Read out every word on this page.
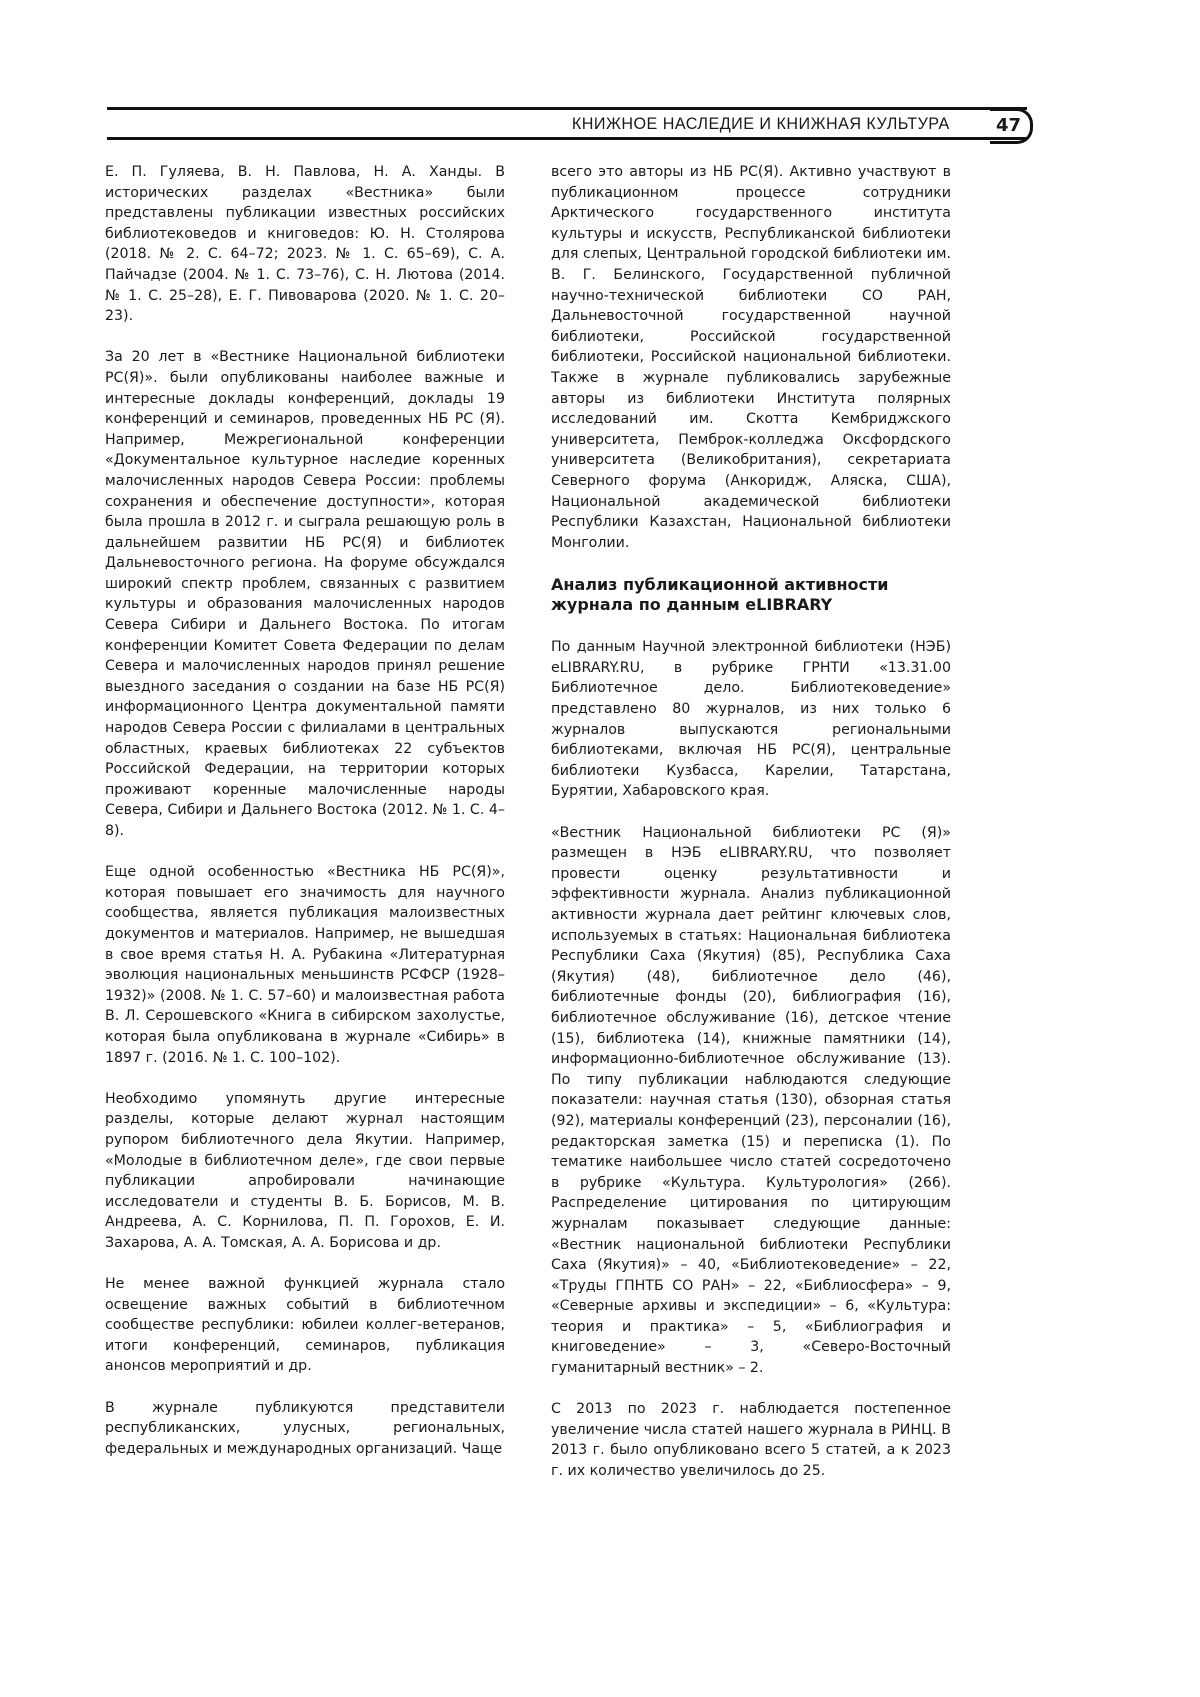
КНИЖНОЕ НАСЛЕДИЕ И КНИЖНАЯ КУЛЬТУРА	47

Е. П. Гуляева, В. Н. Павлова, Н. А. Ханды. В исторических разделах «Вестника» были представлены публикации известных российских библиотековедов и книговедов: Ю. Н. Столярова (2018. № 2. С. 64–72; 2023. № 1. С. 65–69), С. А. Пайчадзе (2004. № 1. С. 73–76), С. Н. Лютова (2014. № 1. С. 25–28), Е. Г. Пивоварова (2020. № 1. С. 20–23).

За 20 лет в «Вестнике Национальной библиотеки РС(Я)». были опубликованы наиболее важные и интересные доклады конференций, доклады 19 конференций и семинаров, проведенных НБ РС (Я). Например, Межрегиональной конференции «Документальное культурное наследие коренных малочисленных народов Севера России: проблемы сохранения и обеспечение доступности», которая была прошла в 2012 г. и сыграла решающую роль в дальнейшем развитии НБ РС(Я) и библиотек Дальневосточного региона. На форуме обсуждался широкий спектр проблем, связанных с развитием культуры и образования малочисленных народов Севера Сибири и Дальнего Востока. По итогам конференции Комитет Совета Федерации по делам Севера и малочисленных народов принял решение выездного заседания о создании на базе НБ РС(Я) информационного Центра документальной памяти народов Севера России с филиалами в центральных областных, краевых библиотеках 22 субъектов Российской Федерации, на территории которых проживают коренные малочисленные народы Севера, Сибири и Дальнего Востока (2012. № 1. С. 4–8).

Еще одной особенностью «Вестника НБ РС(Я)», которая повышает его значимость для научного сообщества, является публикация малоизвестных документов и материалов. Например, не вышедшая в свое время статья Н. А. Рубакина «Литературная эволюция национальных меньшинств РСФСР (1928–1932)» (2008. № 1. С. 57–60) и малоизвестная работа В. Л. Серошевского «Книга в сибирском захолустье, которая была опубликована в журнале «Сибирь» в 1897 г. (2016. № 1. С. 100–102).

Необходимо упомянуть другие интересные разделы, которые делают журнал настоящим рупором библиотечного дела Якутии. Например, «Молодые в библиотечном деле», где свои первые публикации апробировали начинающие исследователи и студенты В. Б. Борисов, М. В. Андреева, А. С. Корнилова, П. П. Горохов, Е. И. Захарова, А. А. Томская, А. А. Борисова и др.

Не менее важной функцией журнала стало освещение важных событий в библиотечном сообществе республики: юбилеи коллег-ветеранов, итоги конференций, семинаров, публикация анонсов мероприятий и др.

В журнале публикуются представители республиканских, улусных, региональных, федеральных и международных организаций. Чаще

всего это авторы из НБ РС(Я). Активно участвуют в публикационном процессе сотрудники Арктического государственного института культуры и искусств, Республиканской библиотеки для слепых, Центральной городской библиотеки им. В. Г. Белинского, Государственной публичной научно-технической библиотеки СО РАН, Дальневосточной государственной научной библиотеки, Российской государственной библиотеки, Российской национальной библиотеки. Также в журнале публиковались зарубежные авторы из библиотеки Института полярных исследований им. Скотта Кембриджского университета, Пемброк-колледжа Оксфордского университета (Великобритания), секретариата Северного форума (Анкоридж, Аляска, США), Национальной академической библиотеки Республики Казахстан, Национальной библиотеки Монголии.

Анализ публикационной активности журнала по данным eLIBRARY

По данным Научной электронной библиотеки (НЭБ) eLIBRARY.RU, в рубрике ГРНТИ «13.31.00 Библиотечное дело. Библиотековедение» представлено 80 журналов, из них только 6 журналов выпускаются региональными библиотеками, включая НБ РС(Я), центральные библиотеки Кузбасса, Карелии, Татарстана, Бурятии, Хабаровского края.

«Вестник Национальной библиотеки РС (Я)» размещен в НЭБ eLIBRARY.RU, что позволяет провести оценку результативности и эффективности журнала. Анализ публикационной активности журнала дает рейтинг ключевых слов, используемых в статьях: Национальная библиотека Республики Саха (Якутия) (85), Республика Саха (Якутия) (48), библиотечное дело (46), библиотечные фонды (20), библиография (16), библиотечное обслуживание (16), детское чтение (15), библиотека (14), книжные памятники (14), информационно-библиотечное обслуживание (13). По типу публикации наблюдаются следующие показатели: научная статья (130), обзорная статья (92), материалы конференций (23), персоналии (16), редакторская заметка (15) и переписка (1). По тематике наибольшее число статей сосредоточено в рубрике «Культура. Культурология» (266). Распределение цитирования по цитирующим журналам показывает следующие данные: «Вестник национальной библиотеки Республики Саха (Якутия)» – 40, «Библиотековедение» – 22, «Труды ГПНТБ СО РАН» – 22, «Библиосфера» – 9, «Северные архивы и экспедиции» – 6, «Культура: теория и практика» – 5, «Библиография и книговедение» – 3, «Северо-Восточный гуманитарный вестник» – 2.

С 2013 по 2023 г. наблюдается постепенное увеличение числа статей нашего журнала в РИНЦ. В 2013 г. было опубликовано всего 5 статей, а к 2023 г. их количество увеличилось до 25.
